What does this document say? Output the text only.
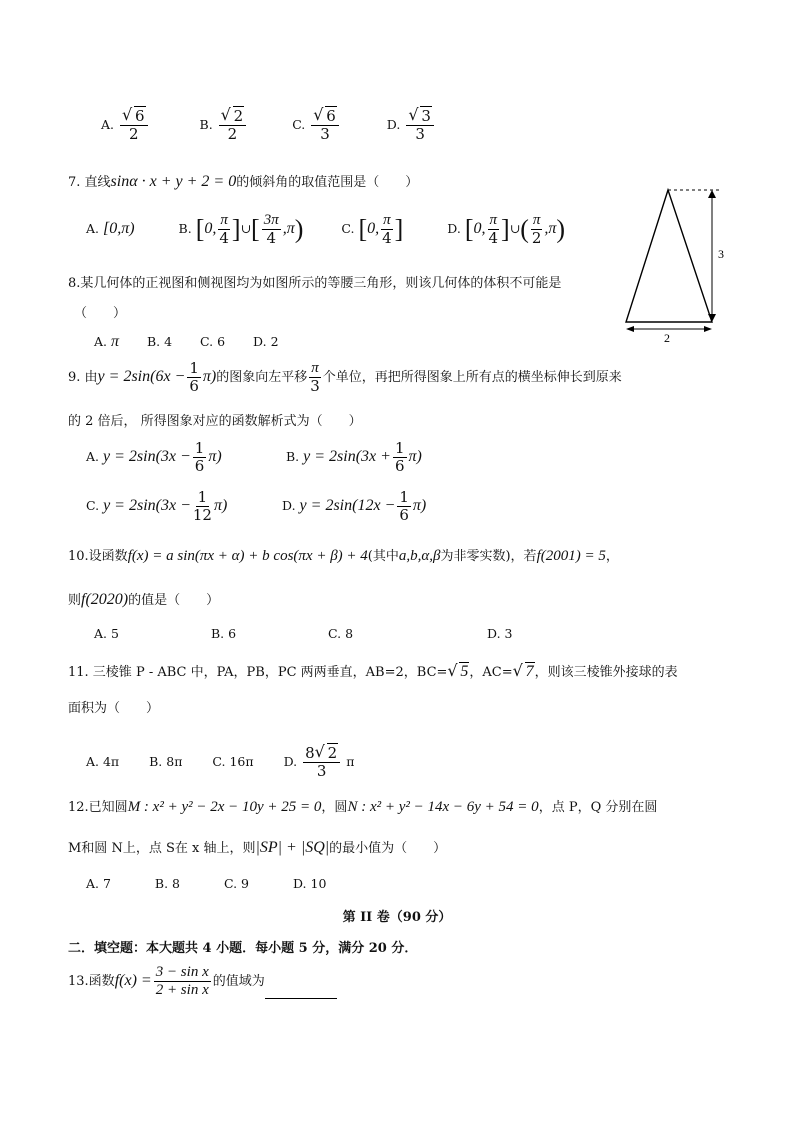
A. √ $\frac{6}{2}$	B. √ $\frac{2}{2}$	C. √ $\frac{6}{3}$	D. √ $\frac{3}{3}$
7. 直线sinα · x + y + 2 = 0的倾斜角的取值范围是（　　）
A. [0,π)	B. [0, $\frac{\pi}{4}$ ]∪[ $\frac{3\pi}{4} ,\pi$)	C. [0, $\frac{\pi}{4}$ ]	D. [0, $\frac{\pi}{4}$ ]∪( $\frac{\pi}{2} ,\pi$)
3
2
8.某几何体的正视图和侧视图均为如图所示的等腰三角形，则该几何体的体积不可能是
（　　）
A. π B. 4 C. 6 D. 2
9. 由$y = 2\sin(6x - \frac{1}{6} \pi)$的图象向左平移 $\frac{\pi}{3}$ 个单位，再把所得图象上所有点的横坐标伸长到原来
的 2 倍后， 所得图象对应的函数解析式为（　　）
A. $y = 2\sin(3x - \frac{1}{6} \pi)$	B. $y = 2\sin(3x + \frac{1}{6} \pi)$
C. $y = 2\sin(3x - \frac{1}{12} \pi)$	D. $y = 2\sin(12x - \frac{1}{6} \pi)$
10.设函数f(x) = a sin(πx + α) + b cos(πx + β) + 4(其中a,b,α,β为非零实数)，若f(2001) = 5，
则f(2020)的值是（　　）
A. 5	B. 6	C. 8	D. 3
11. 三棱锥 P - ABC 中，PA，PB，PC 两两垂直，AB=2，BC= √ 5，AC= √ 7，则该三棱锥外接球的表
面积为（　　）
A. 4π B. 8π C. 16π D. $\frac{8 √ 2}{3}$ π
12.已知圆M : x² + y² − 2x − 10y + 25 = 0，圆N : x² + y² − 14x − 6y + 54 = 0，点 P，Q 分别在圆
M和圆 N上，点 S在 x 轴上，则|SP| + |SQ|的最小值为（　　）
A. 7	B. 8	C. 9	D. 10
第 II 卷（90 分）
二．填空题：本大题共 4 小题．每小题 5 分，满分 20 分．
13.函数$f(x) = \frac{\text{3 − sin x}}{\text{2 + sin x}}$ 的值域为
